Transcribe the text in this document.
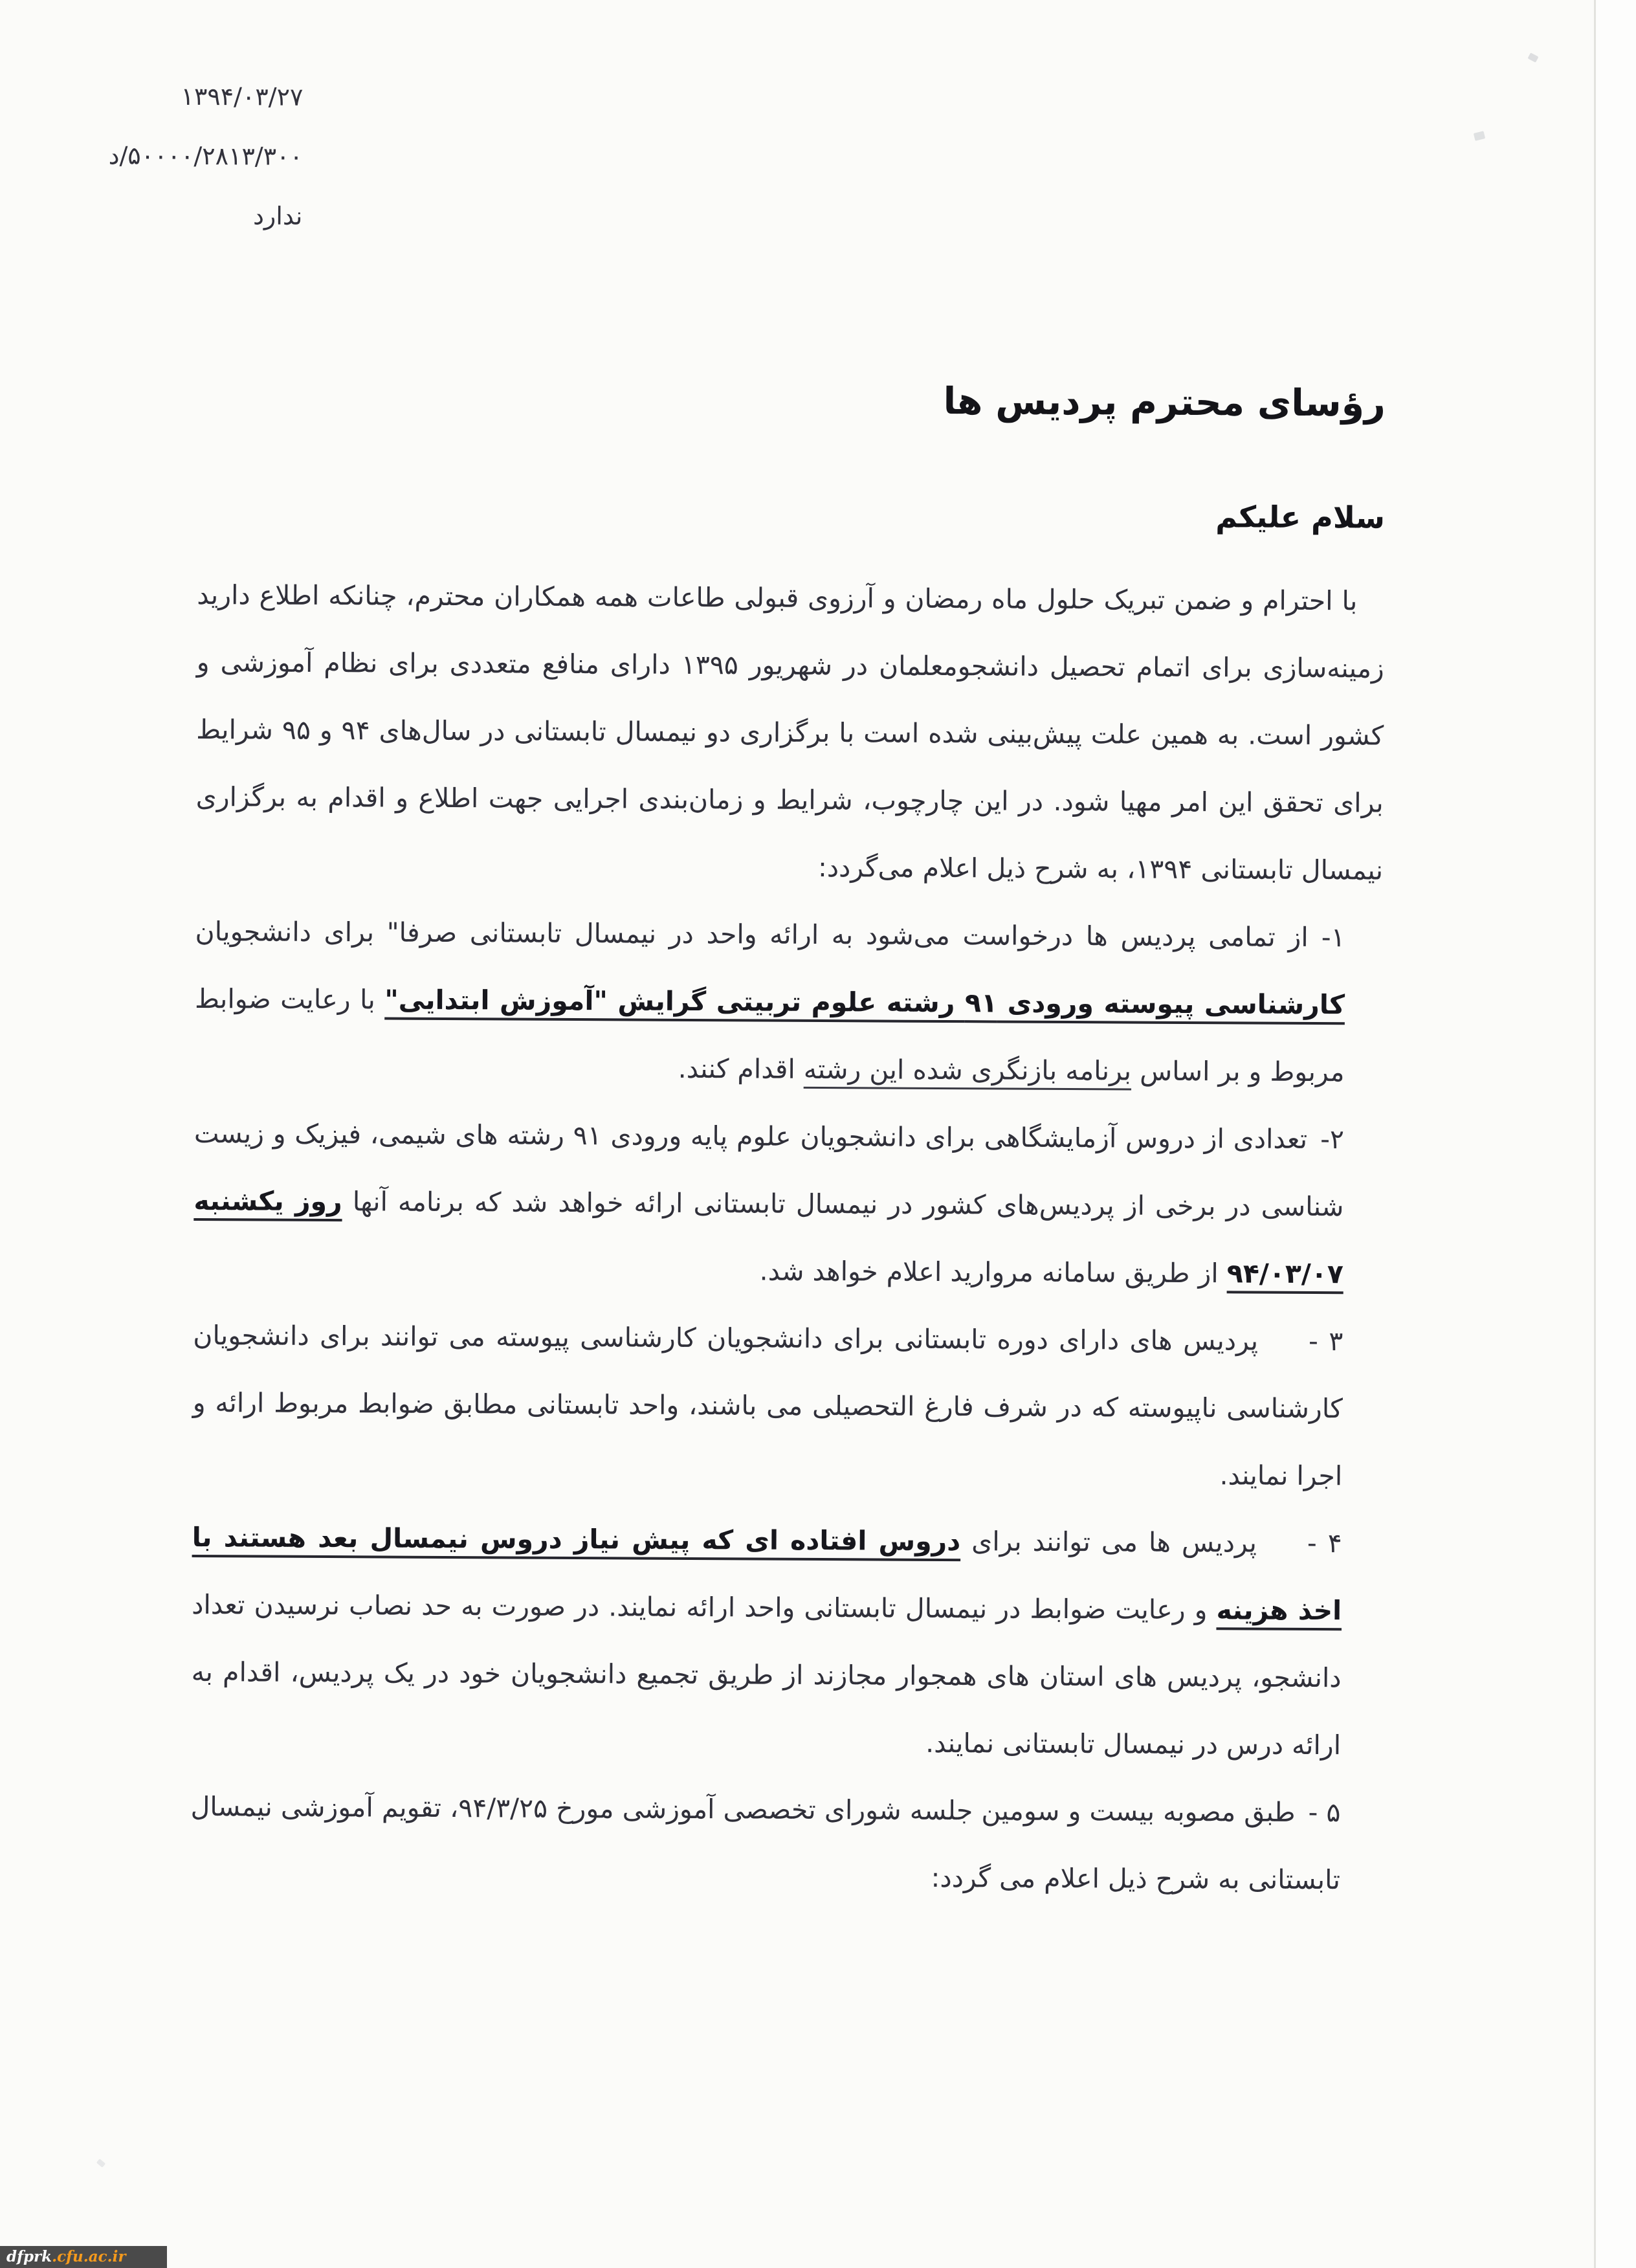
۱۳۹۴/۰۳/۲۷
۵۰۰۰۰/۲۸۱۳/۳۰۰/د
ندارد
رؤسای محترم پردیس ها
سلام علیکم

با احترام و ضمن تبریک حلول ماه رمضان و آرزوی قبولی طاعات همه همکاران محترم، چنانکه اطلاع دارید زمینه‌سازی برای اتمام تحصیل دانشجومعلمان در شهریور ۱۳۹۵ دارای منافع متعددی برای نظام آموزشی و کشور است. به همین علت پیش‌بینی شده است با برگزاری دو نیمسال تابستانی در سال‌های ۹۴ و ۹۵ شرایط برای تحقق این امر مهیا شود. در این چارچوب، شرایط و زمان‌بندی اجرایی جهت اطلاع و اقدام به برگزاری نیمسال تابستانی ۱۳۹۴، به شرح ذیل اعلام می‌گردد:

۱-از تمامی پردیس ها درخواست می‌شود به ارائه واحد در نیمسال تابستانی صرفا" برای دانشجویان کارشناسی پیوسته ورودی ۹۱ رشته علوم تربیتی گرایش "آموزش ابتدایی" با رعایت ضوابط مربوط و بر اساس برنامه بازنگری شده این رشته اقدام کنند.

۲-تعدادی از دروس آزمایشگاهی برای دانشجویان علوم پایه ورودی ۹۱ رشته های شیمی، فیزیک و زیست شناسی در برخی از پردیس‌های کشور در نیمسال تابستانی ارائه خواهد شد که برنامه آنها روز یکشنبه ۹۴/۰۳/۰۷ از طریق سامانه مروارید اعلام خواهد شد.

۳ -پردیس های دارای دوره تابستانی برای دانشجویان کارشناسی پیوسته می توانند برای دانشجویان کارشناسی ناپیوسته که در شرف فارغ التحصیلی می باشند، واحد تابستانی مطابق ضوابط مربوط ارائه و اجرا نمایند.

۴ -پردیس ها می توانند برای دروس افتاده ای که پیش نیاز دروس نیمسال بعد هستند با اخذ هزینه و رعایت ضوابط در نیمسال تابستانی واحد ارائه نمایند. در صورت به حد نصاب نرسیدن تعداد دانشجو، پردیس های استان های همجوار مجازند از طریق تجمیع دانشجویان خود در یک پردیس، اقدام به ارائه درس در نیمسال تابستانی نمایند.

۵ -طبق مصوبه بیست و سومین جلسه شورای تخصصی آموزشی مورخ ۹۴/۳/۲۵، تقویم آموزشی نیمسال تابستانی به شرح ذیل اعلام می گردد:

dfprk .cfu.ac.ir
